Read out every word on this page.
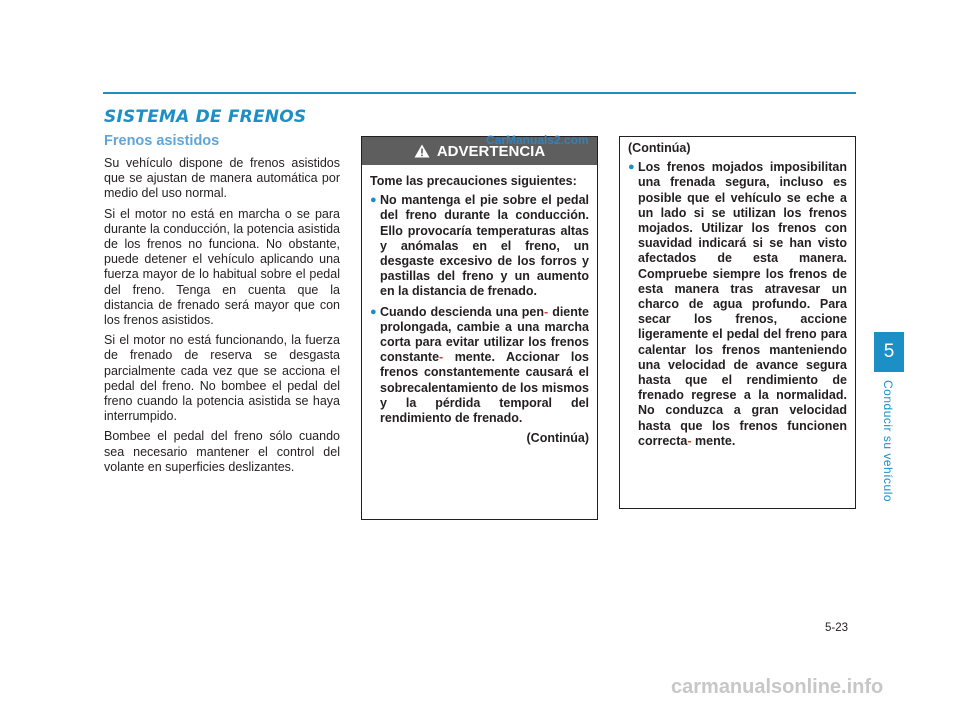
SISTEMA DE FRENOS
Frenos asistidos

Su vehículo dispone de frenos asistidos que se ajustan de manera automática por medio del uso normal.

Si el motor no está en marcha o se para durante la conducción, la potencia asistida de los frenos no funciona. No obstante, puede detener el vehículo aplicando una fuerza mayor de lo habitual sobre el pedal del freno. Tenga en cuenta que la distancia de frenado será mayor que con los frenos asistidos.

Si el motor no está funcionando, la fuerza de frenado de reserva se desgasta parcialmente cada vez que se acciona el pedal del freno. No bombee el pedal del freno cuando la potencia asistida se haya interrumpido.

Bombee el pedal del freno sólo cuando sea necesario mantener el control del volante en superficies deslizantes.

ADVERTENCIA

Tome las precauciones siguientes:

● No mantenga el pie sobre el pedal del freno durante la conducción. Ello provocaría temperaturas altas y anómalas en el freno, un desgaste excesivo de los forros y pastillas del freno y un aumento en la distancia de frenado.
● Cuando descienda una pen- diente prolongada, cambie a una marcha corta para evitar utilizar los frenos constante- mente. Accionar los frenos constantemente causará el sobrecalentamiento de los mismos y la pérdida temporal del rendimiento de frenado.

(Continúa)

CarManuals2.com

(Continúa)

● Los frenos mojados imposibilitan una frenada segura, incluso es posible que el vehículo se eche a un lado si se utilizan los frenos mojados. Utilizar los frenos con suavidad indicará si se han visto afectados de esta manera. Compruebe siempre los frenos de esta manera tras atravesar un charco de agua profundo. Para secar los frenos, accione ligeramente el pedal del freno para calentar los frenos manteniendo una velocidad de avance segura hasta que el rendimiento de frenado regrese a la normalidad. No conduzca a gran velocidad hasta que los frenos funcionen correcta- mente.
5
Conducir su vehículo
5-23
carmanualsonline.info
